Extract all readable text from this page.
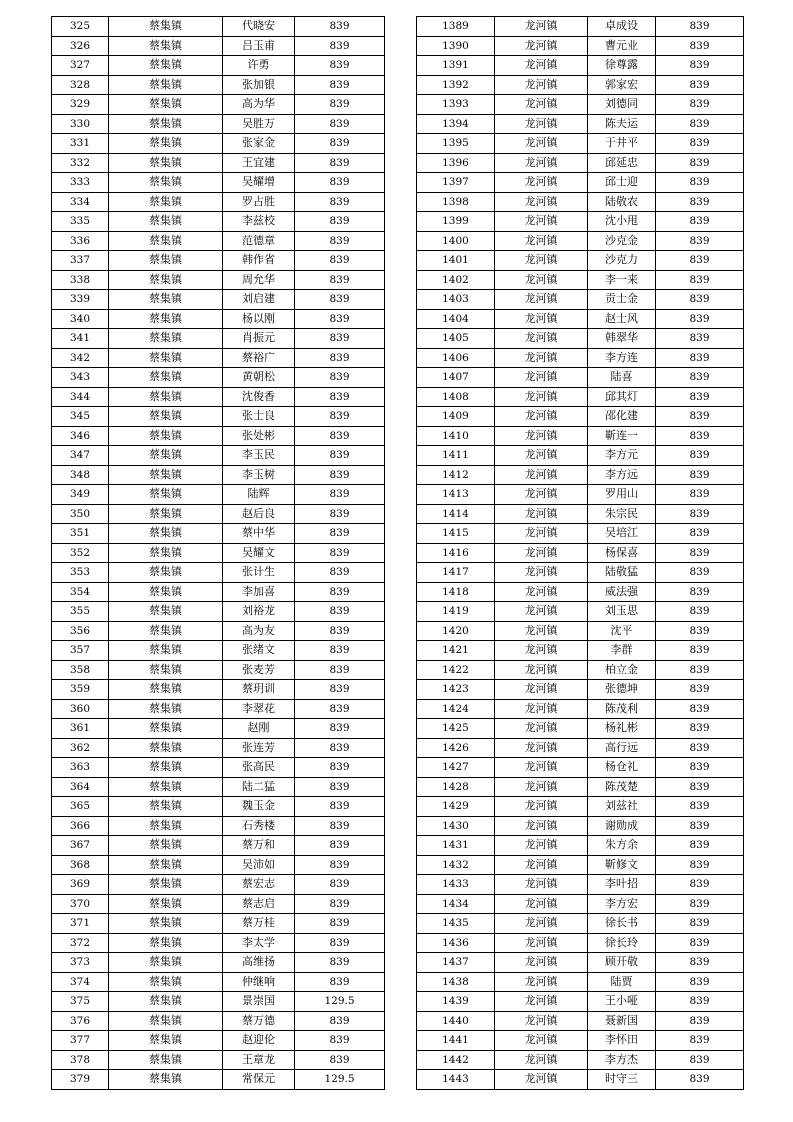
325	蔡集镇	代晓安	839
326	蔡集镇	吕玉甫	839
327	蔡集镇	许勇	839
328	蔡集镇	张加银	839
329	蔡集镇	高为华	839
330	蔡集镇	吴胜万	839
331	蔡集镇	张家金	839
332	蔡集镇	王宜建	839
333	蔡集镇	吴耀增	839
334	蔡集镇	罗占胜	839
335	蔡集镇	李兹校	839
336	蔡集镇	范德章	839
337	蔡集镇	韩作省	839
338	蔡集镇	周允华	839
339	蔡集镇	刘启建	839
340	蔡集镇	杨以刚	839
341	蔡集镇	肖振元	839
342	蔡集镇	蔡裕广	839
343	蔡集镇	黄朝松	839
344	蔡集镇	沈俊香	839
345	蔡集镇	张士良	839
346	蔡集镇	张处彬	839
347	蔡集镇	李玉民	839
348	蔡集镇	李玉树	839
349	蔡集镇	陆辉	839
350	蔡集镇	赵后良	839
351	蔡集镇	蔡中华	839
352	蔡集镇	吴耀文	839
353	蔡集镇	张计生	839
354	蔡集镇	李加喜	839
355	蔡集镇	刘裕龙	839
356	蔡集镇	高为友	839
357	蔡集镇	张绪文	839
358	蔡集镇	张麦芳	839
359	蔡集镇	蔡玥训	839
360	蔡集镇	李翠花	839
361	蔡集镇	赵刚	839
362	蔡集镇	张连芳	839
363	蔡集镇	张高民	839
364	蔡集镇	陆二猛	839
365	蔡集镇	魏玉金	839
366	蔡集镇	石秀楼	839
367	蔡集镇	蔡万和	839
368	蔡集镇	吴沛如	839
369	蔡集镇	蔡宏志	839
370	蔡集镇	蔡志启	839
371	蔡集镇	蔡万桂	839
372	蔡集镇	李太学	839
373	蔡集镇	高维扬	839
374	蔡集镇	仲继响	839
375	蔡集镇	景崇国	129.5
376	蔡集镇	蔡万德	839
377	蔡集镇	赵迎伦	839
378	蔡集镇	王章龙	839
379	蔡集镇	常保元	129.5
1389	龙河镇	卓成设	839
1390	龙河镇	曹元业	839
1391	龙河镇	徐尊露	839
1392	龙河镇	郭家宏	839
1393	龙河镇	刘德同	839
1394	龙河镇	陈夫运	839
1395	龙河镇	于井平	839
1396	龙河镇	邱延忠	839
1397	龙河镇	邱士迎	839
1398	龙河镇	陆敬农	839
1399	龙河镇	沈小甩	839
1400	龙河镇	沙克金	839
1401	龙河镇	沙克力	839
1402	龙河镇	李一来	839
1403	龙河镇	贡士金	839
1404	龙河镇	赵士风	839
1405	龙河镇	韩翠华	839
1406	龙河镇	李方连	839
1407	龙河镇	陆喜	839
1408	龙河镇	邱其灯	839
1409	龙河镇	邵化建	839
1410	龙河镇	靳连一	839
1411	龙河镇	李方元	839
1412	龙河镇	李方远	839
1413	龙河镇	罗用山	839
1414	龙河镇	朱宗民	839
1415	龙河镇	吴培江	839
1416	龙河镇	杨保喜	839
1417	龙河镇	陆敬猛	839
1418	龙河镇	威法强	839
1419	龙河镇	刘玉思	839
1420	龙河镇	沈平	839
1421	龙河镇	李群	839
1422	龙河镇	柏立金	839
1423	龙河镇	张德坤	839
1424	龙河镇	陈茂利	839
1425	龙河镇	杨礼彬	839
1426	龙河镇	高行远	839
1427	龙河镇	杨仓礼	839
1428	龙河镇	陈茂楚	839
1429	龙河镇	刘兹社	839
1430	龙河镇	谢勋成	839
1431	龙河镇	朱方余	839
1432	龙河镇	靳修文	839
1433	龙河镇	李叶招	839
1434	龙河镇	李方宏	839
1435	龙河镇	徐长书	839
1436	龙河镇	徐长玲	839
1437	龙河镇	顾开敬	839
1438	龙河镇	陆贾	839
1439	龙河镇	王小哑	839
1440	龙河镇	聂新国	839
1441	龙河镇	李怀田	839
1442	龙河镇	李方杰	839
1443	龙河镇	时守三	839
